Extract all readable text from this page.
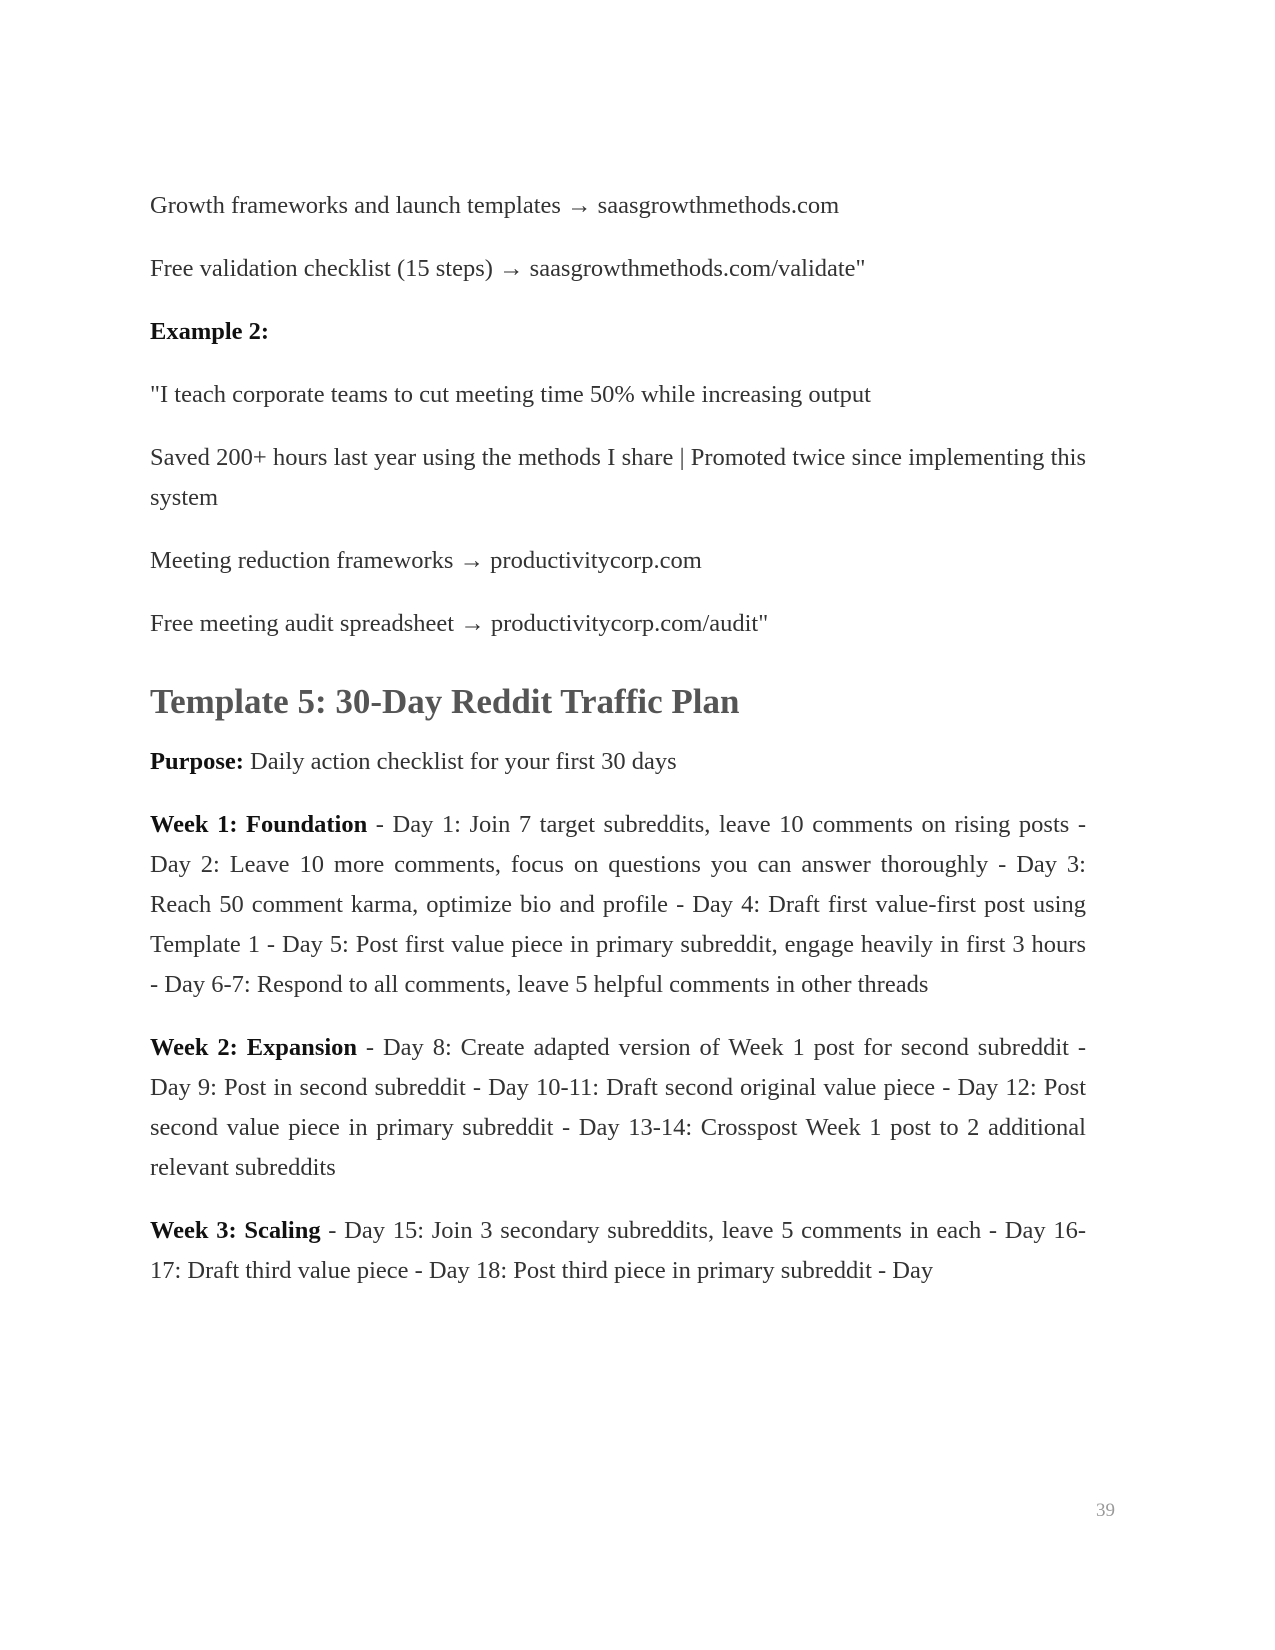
Growth frameworks and launch templates → saasgrowthmethods.com

Free validation checklist (15 steps) → saasgrowthmethods.com/validate"

Example 2:

"I teach corporate teams to cut meeting time 50% while increasing output

Saved 200+ hours last year using the methods I share | Promoted twice since implementing this system

Meeting reduction frameworks → productivitycorp.com

Free meeting audit spreadsheet → productivitycorp.com/audit"

Template 5: 30-Day Reddit Traffic Plan

Purpose: Daily action checklist for your first 30 days

Week 1: Foundation - Day 1: Join 7 target subreddits, leave 10 comments on rising posts - Day 2: Leave 10 more comments, focus on questions you can answer thoroughly - Day 3: Reach 50 comment karma, optimize bio and profile - Day 4: Draft first value-first post using Template 1 - Day 5: Post first value piece in primary subreddit, engage heavily in first 3 hours - Day 6-7: Respond to all comments, leave 5 helpful comments in other threads

Week 2: Expansion - Day 8: Create adapted version of Week 1 post for second subreddit - Day 9: Post in second subreddit - Day 10-11: Draft second original value piece - Day 12: Post second value piece in primary subreddit - Day 13-14: Crosspost Week 1 post to 2 additional relevant subreddits

Week 3: Scaling - Day 15: Join 3 secondary subreddits, leave 5 comments in each - Day 16-17: Draft third value piece - Day 18: Post third piece in primary subreddit - Day

39
